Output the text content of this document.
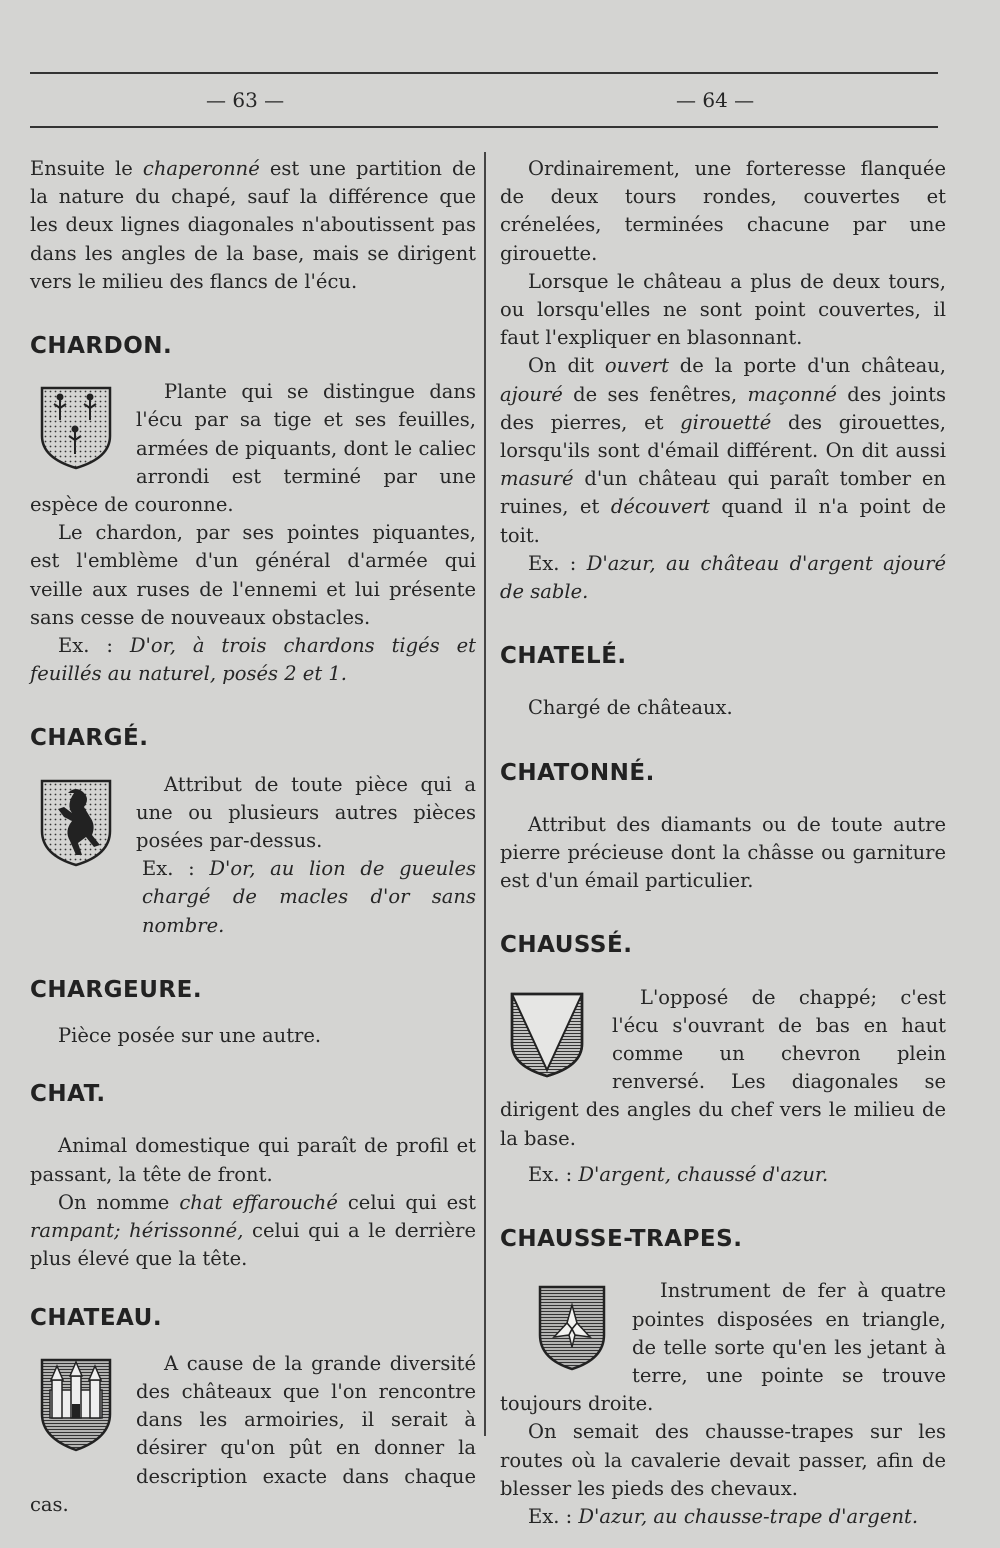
— 63 —	— 64 —

Ensuite le chaperonné est une partition de la nature du chapé, sauf la différence que les deux lignes diagonales n'aboutissent pas dans les angles de la base, mais se dirigent vers le milieu des flancs de l'écu.

CHARDON.

Plante qui se distingue dans l'écu par sa tige et ses feuilles, armées de piquants, dont le caliec arrondi est terminé par une espèce de couronne.

Le chardon, par ses pointes piquantes, est l'emblème d'un général d'armée qui veille aux ruses de l'ennemi et lui présente sans cesse de nouveaux obstacles.

Ex. : D'or, à trois chardons tigés et feuillés au naturel, posés 2 et 1.

CHARGÉ.

Attribut de toute pièce qui a une ou plusieurs autres pièces posées par-dessus.

Ex. : D'or, au lion de gueules chargé de macles d'or sans nombre.

CHARGEURE.

Pièce posée sur une autre.

CHAT.

Animal domestique qui paraît de profil et passant, la tête de front.

On nomme chat effarouché celui qui est rampant; hérissonné, celui qui a le derrière plus élevé que la tête.

CHATEAU.

A cause de la grande diversité des châteaux que l'on rencontre dans les armoiries, il serait à désirer qu'on pût en donner la description exacte dans chaque cas.

Ordinairement, une forteresse flanquée de deux tours rondes, couvertes et crénelées, terminées chacune par une girouette.

Lorsque le château a plus de deux tours, ou lorsqu'elles ne sont point couvertes, il faut l'expliquer en blasonnant.

On dit ouvert de la porte d'un château, ajouré de ses fenêtres, maçonné des joints des pierres, et girouetté des girouettes, lorsqu'ils sont d'émail différent. On dit aussi masuré d'un château qui paraît tomber en ruines, et découvert quand il n'a point de toit.

Ex. : D'azur, au château d'argent ajouré de sable.

CHATELÉ.

Chargé de châteaux.

CHATONNÉ.

Attribut des diamants ou de toute autre pierre précieuse dont la châsse ou garniture est d'un émail particulier.

CHAUSSÉ.

L'opposé de chappé; c'est l'écu s'ouvrant de bas en haut comme un chevron plein renversé. Les diagonales se dirigent des angles du chef vers le milieu de la base.

Ex. : D'argent, chaussé d'azur.

CHAUSSE-TRAPES.

Instrument de fer à quatre pointes disposées en triangle, de telle sorte qu'en les jetant à terre, une pointe se trouve toujours droite.

On semait des chausse-trapes sur les routes où la cavalerie devait passer, afin de blesser les pieds des chevaux.

Ex. : D'azur, au chausse-trape d'argent.
